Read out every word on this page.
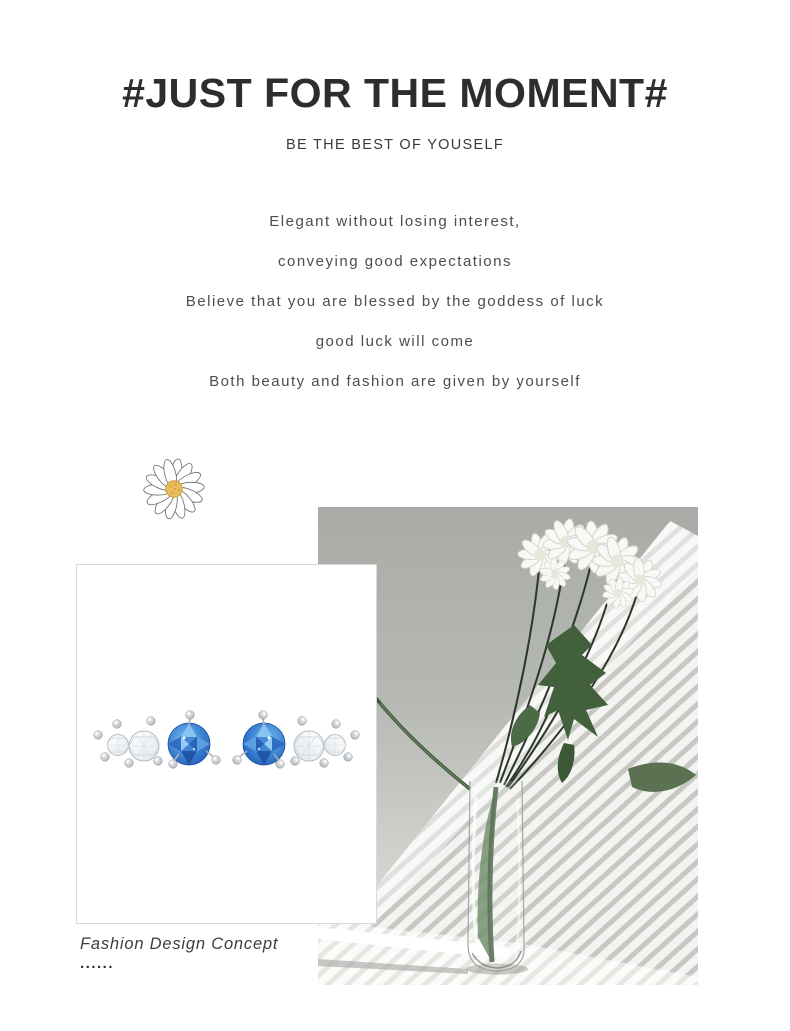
#JUST FOR THE MOMENT#
BE THE BEST OF YOUSELF

Elegant without losing interest,

conveying good expectations

Believe that you are blessed by the goddess of luck

good luck will come

Both beauty and fashion are given by yourself

Fashion Design Concept
......
